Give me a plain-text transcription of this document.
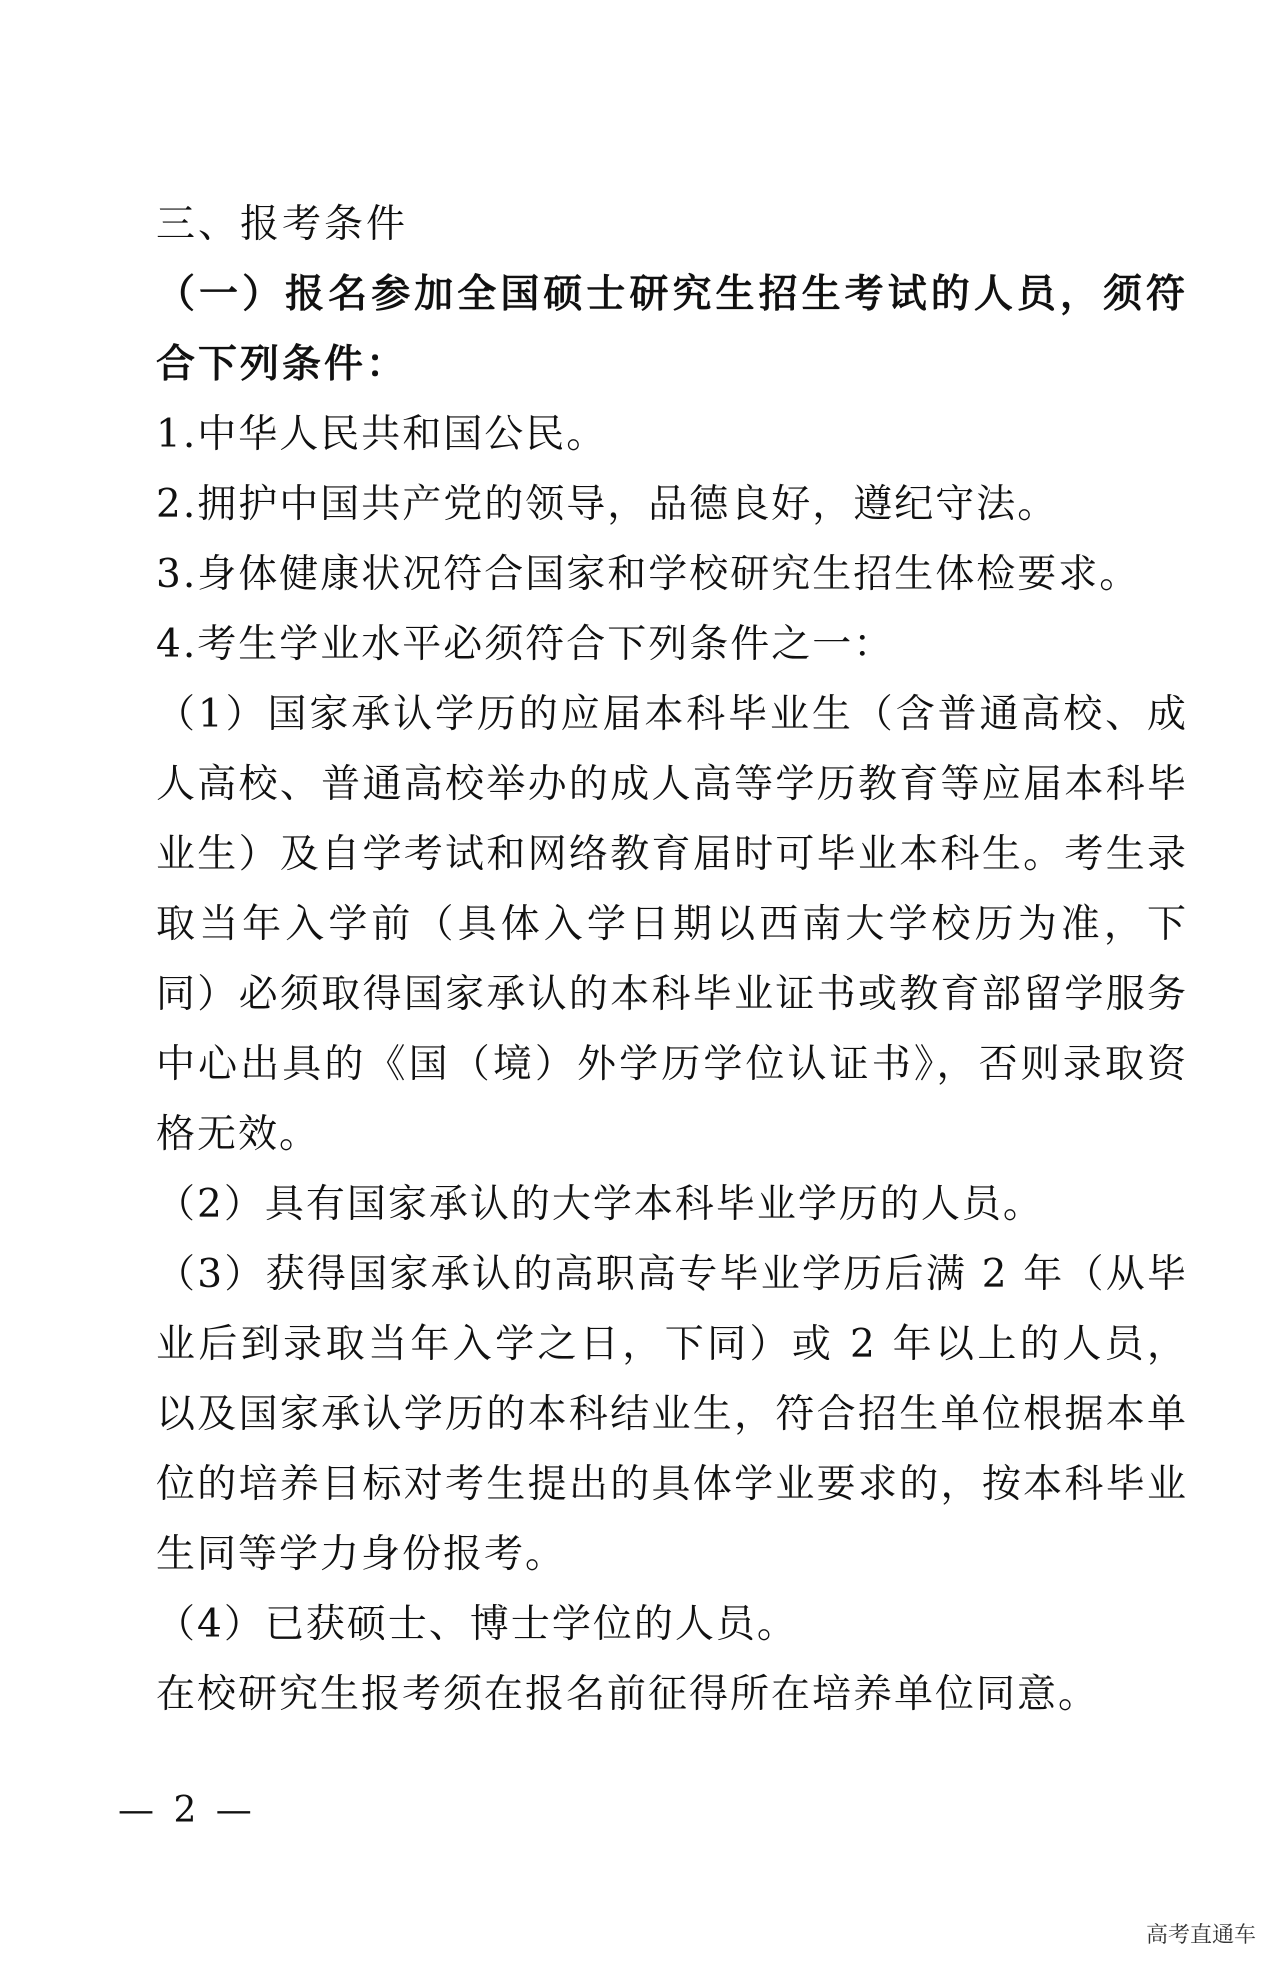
三、报考条件
（一）报名参加全国硕士研究生招生考试的人员，须符合下列条件：
1.中华人民共和国公民。
2.拥护中国共产党的领导，品德良好，遵纪守法。
3.身体健康状况符合国家和学校研究生招生体检要求。
4.考生学业水平必须符合下列条件之一：
（1）国家承认学历的应届本科毕业生（含普通高校、成人高校、普通高校举办的成人高等学历教育等应届本科毕业生）及自学考试和网络教育届时可毕业本科生。考生录取当年入学前（具体入学日期以西南大学校历为准，下同）必须取得国家承认的本科毕业证书或教育部留学服务中心出具的《国（境）外学历学位认证书》，否则录取资格无效。
（2）具有国家承认的大学本科毕业学历的人员。
（3）获得国家承认的高职高专毕业学历后满 2 年（从毕业后到录取当年入学之日，下同）或 2 年以上的人员，以及国家承认学历的本科结业生，符合招生单位根据本单位的培养目标对考生提出的具体学业要求的，按本科毕业生同等学力身份报考。
（4）已获硕士、博士学位的人员。
在校研究生报考须在报名前征得所在培养单位同意。
— 2 —
高考直通车
